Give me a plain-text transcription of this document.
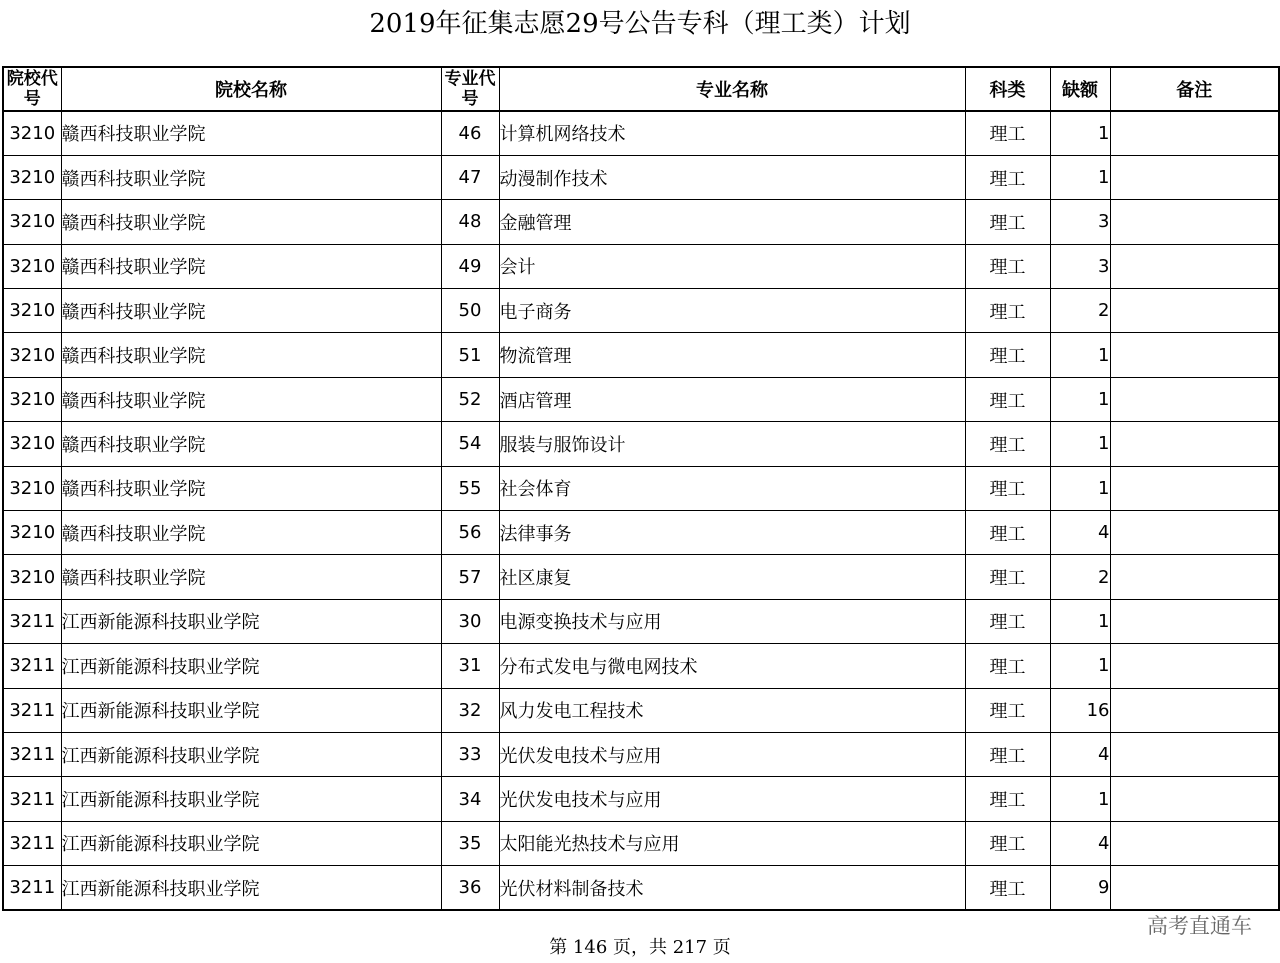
2019年征集志愿29号公告专科（理工类）计划
院校代号	院校名称	专业代号	专业名称	科类	缺额	备注
3210	赣西科技职业学院	46	计算机网络技术	理工	1	
3210	赣西科技职业学院	47	动漫制作技术	理工	1	
3210	赣西科技职业学院	48	金融管理	理工	3	
3210	赣西科技职业学院	49	会计	理工	3	
3210	赣西科技职业学院	50	电子商务	理工	2	
3210	赣西科技职业学院	51	物流管理	理工	1	
3210	赣西科技职业学院	52	酒店管理	理工	1	
3210	赣西科技职业学院	54	服装与服饰设计	理工	1	
3210	赣西科技职业学院	55	社会体育	理工	1	
3210	赣西科技职业学院	56	法律事务	理工	4	
3210	赣西科技职业学院	57	社区康复	理工	2	
3211	江西新能源科技职业学院	30	电源变换技术与应用	理工	1	
3211	江西新能源科技职业学院	31	分布式发电与微电网技术	理工	1	
3211	江西新能源科技职业学院	32	风力发电工程技术	理工	16	
3211	江西新能源科技职业学院	33	光伏发电技术与应用	理工	4	
3211	江西新能源科技职业学院	34	光伏发电技术与应用	理工	1	
3211	江西新能源科技职业学院	35	太阳能光热技术与应用	理工	4	
3211	江西新能源科技职业学院	36	光伏材料制备技术	理工	9	
高考直通车
第 146 页，共 217 页
